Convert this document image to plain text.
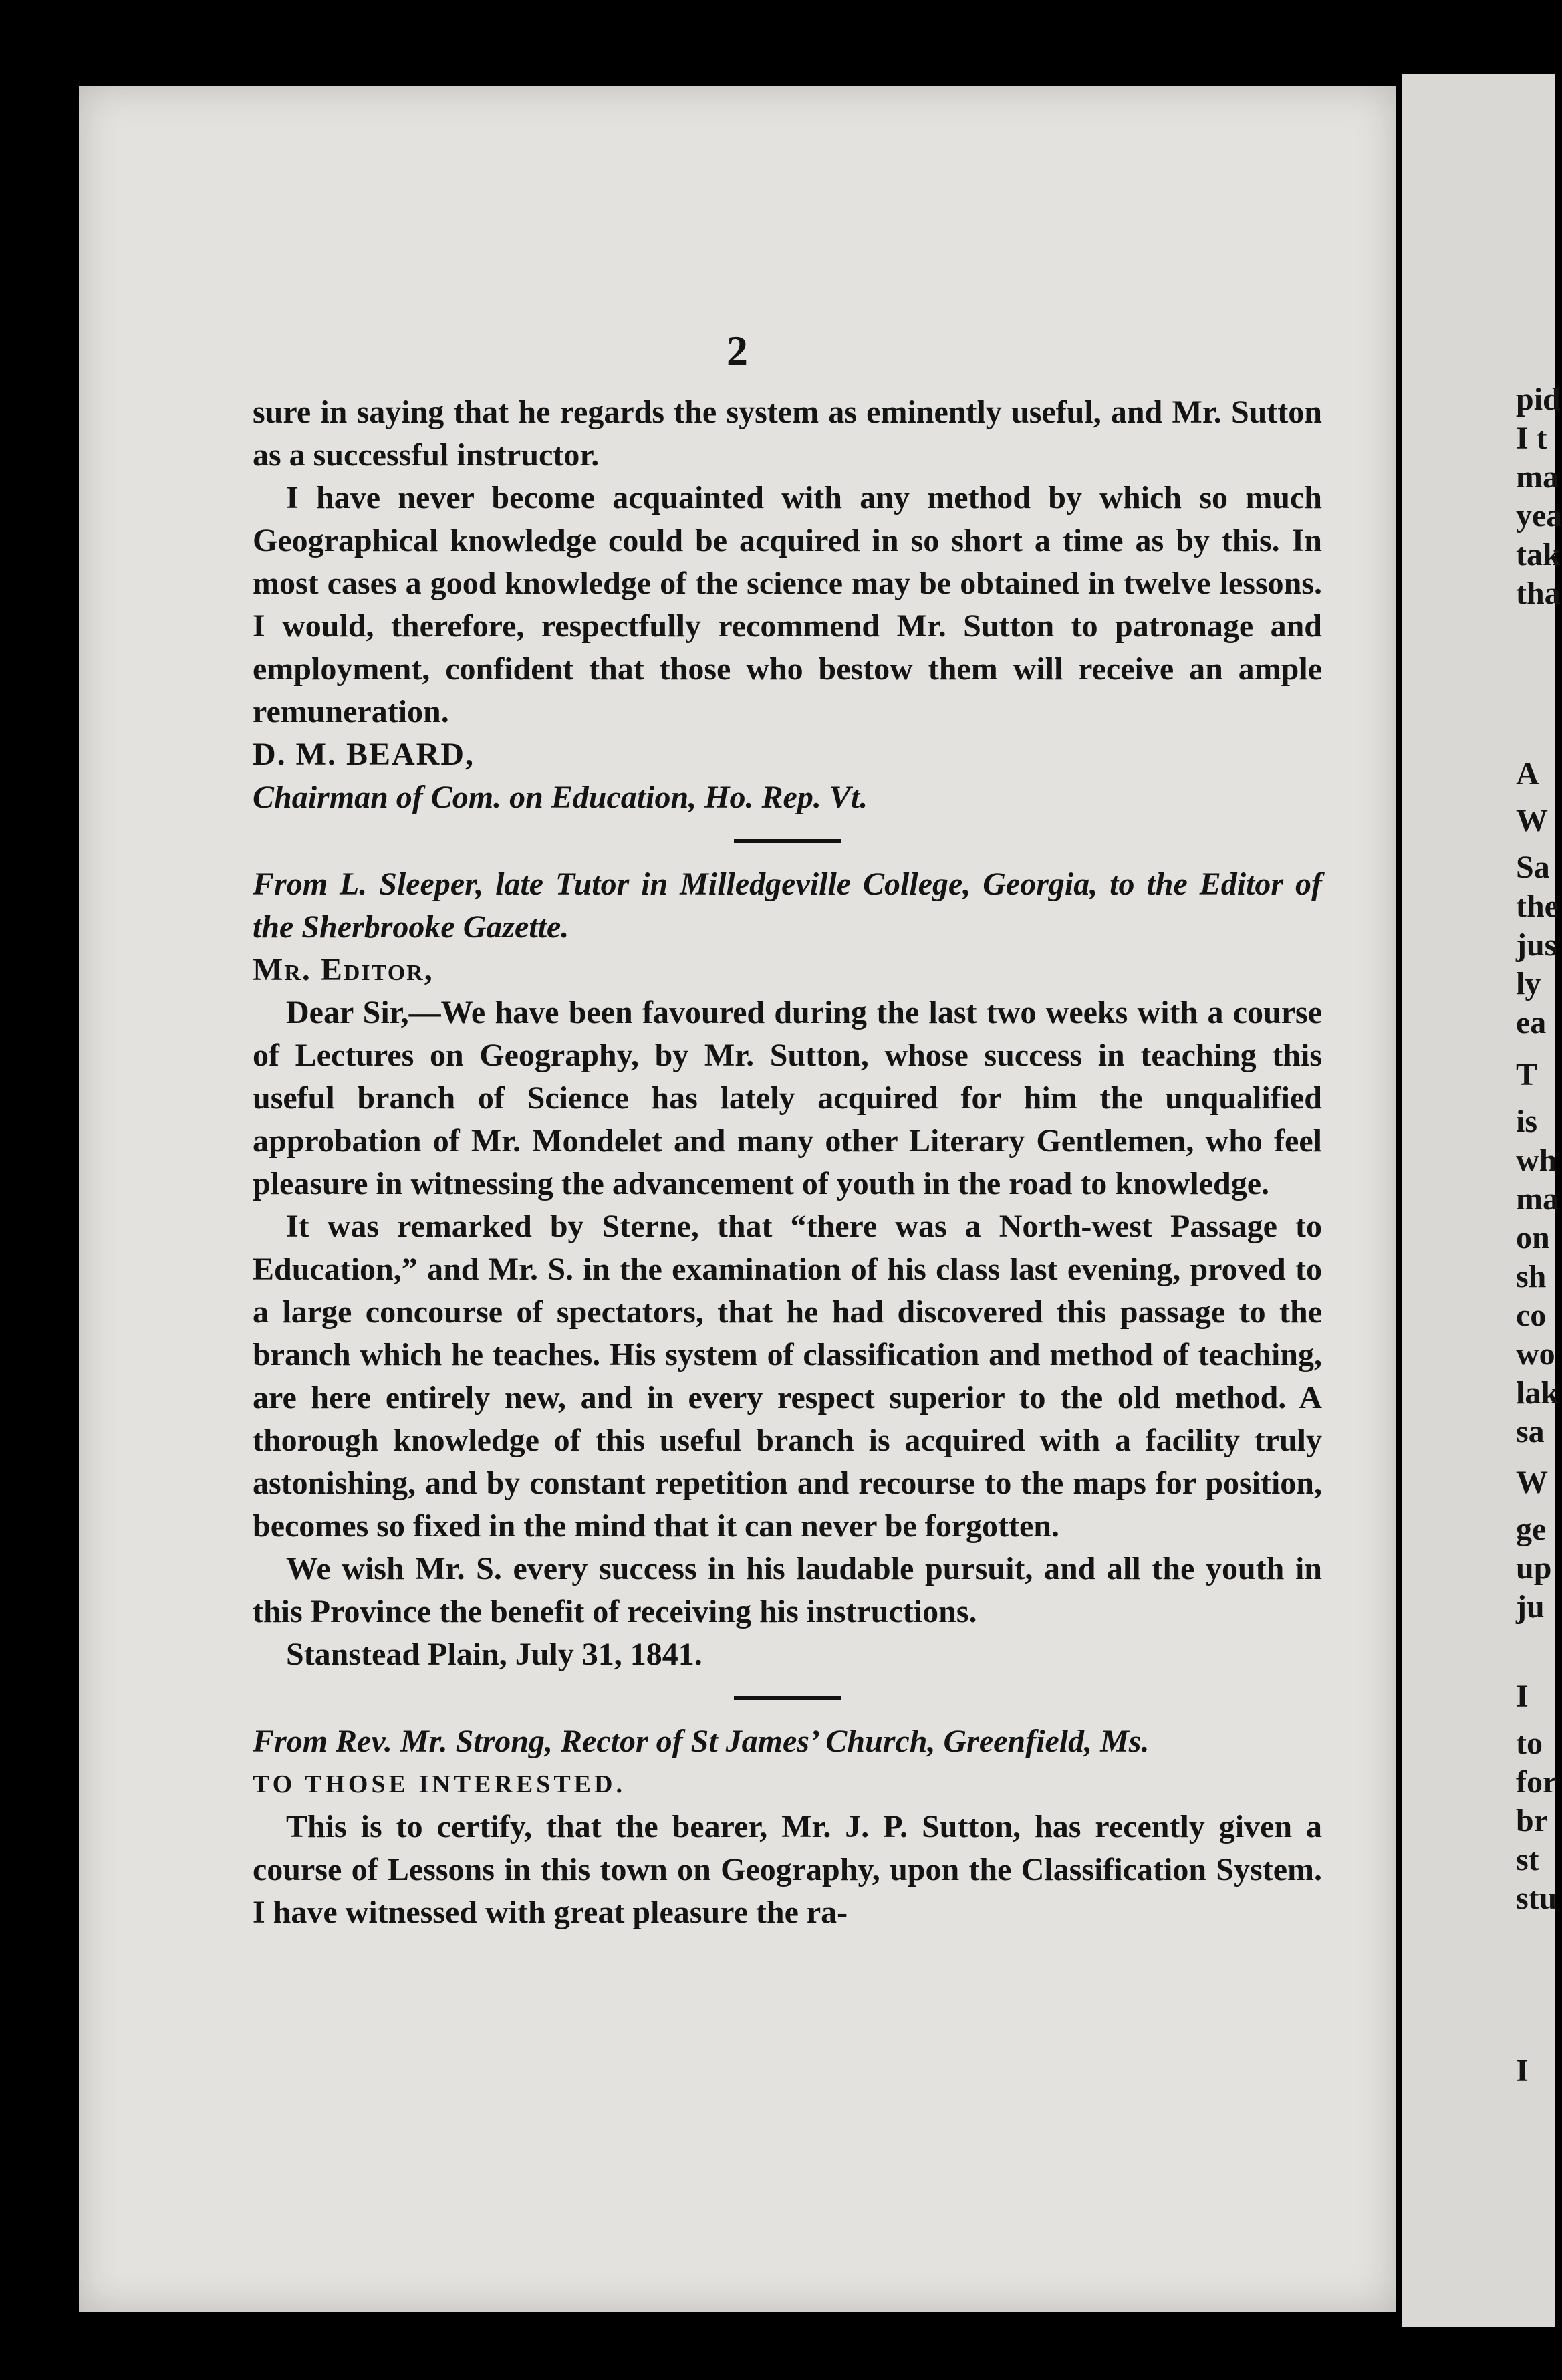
pid
I t
ma
yea
tak
tha
A
W
Sa
the
jus
ly
ea
T
is
wh
ma
on
sh
co
wo
lak
sa
W
ge
up
ju
I
to
for
br
st
stu
I
2

sure in saying that he regards the system as eminently useful, and Mr. Sutton as a successful instructor.

I have never become acquainted with any method by which so much Geographical knowledge could be acquired in so short a time as by this. In most cases a good knowledge of the science may be obtained in twelve lessons. I would, therefore, respectfully recommend Mr. Sutton to patronage and employment, confident that those who bestow them will receive an ample remuneration.

D. M. BEARD,

Chairman of Com. on Education, Ho. Rep. Vt.

From L. Sleeper, late Tutor in Milledgeville College, Georgia, to the Editor of the Sherbrooke Gazette.

Mr. Editor,

Dear Sir,—We have been favoured during the last two weeks with a course of Lectures on Geography, by Mr. Sutton, whose success in teaching this useful branch of Science has lately acquired for him the unqualified approbation of Mr. Mondelet and many other Literary Gentlemen, who feel pleasure in witnessing the advancement of youth in the road to knowledge.

It was remarked by Sterne, that “there was a North-west Passage to Education,” and Mr. S. in the examination of his class last evening, proved to a large concourse of spectators, that he had discovered this passage to the branch which he teaches. His system of classification and method of teaching, are here entirely new, and in every respect superior to the old method. A thorough knowledge of this useful branch is acquired with a facility truly astonishing, and by constant repetition and recourse to the maps for position, becomes so fixed in the mind that it can never be forgotten.

We wish Mr. S. every success in his laudable pursuit, and all the youth in this Province the benefit of receiving his instructions.

Stanstead Plain, July 31, 1841.

From Rev. Mr. Strong, Rector of St James’ Church, Greenfield, Ms.

TO THOSE INTERESTED.

This is to certify, that the bearer, Mr. J. P. Sutton, has recently given a course of Lessons in this town on Geography, upon the Classification System. I have witnessed with great pleasure the ra-
